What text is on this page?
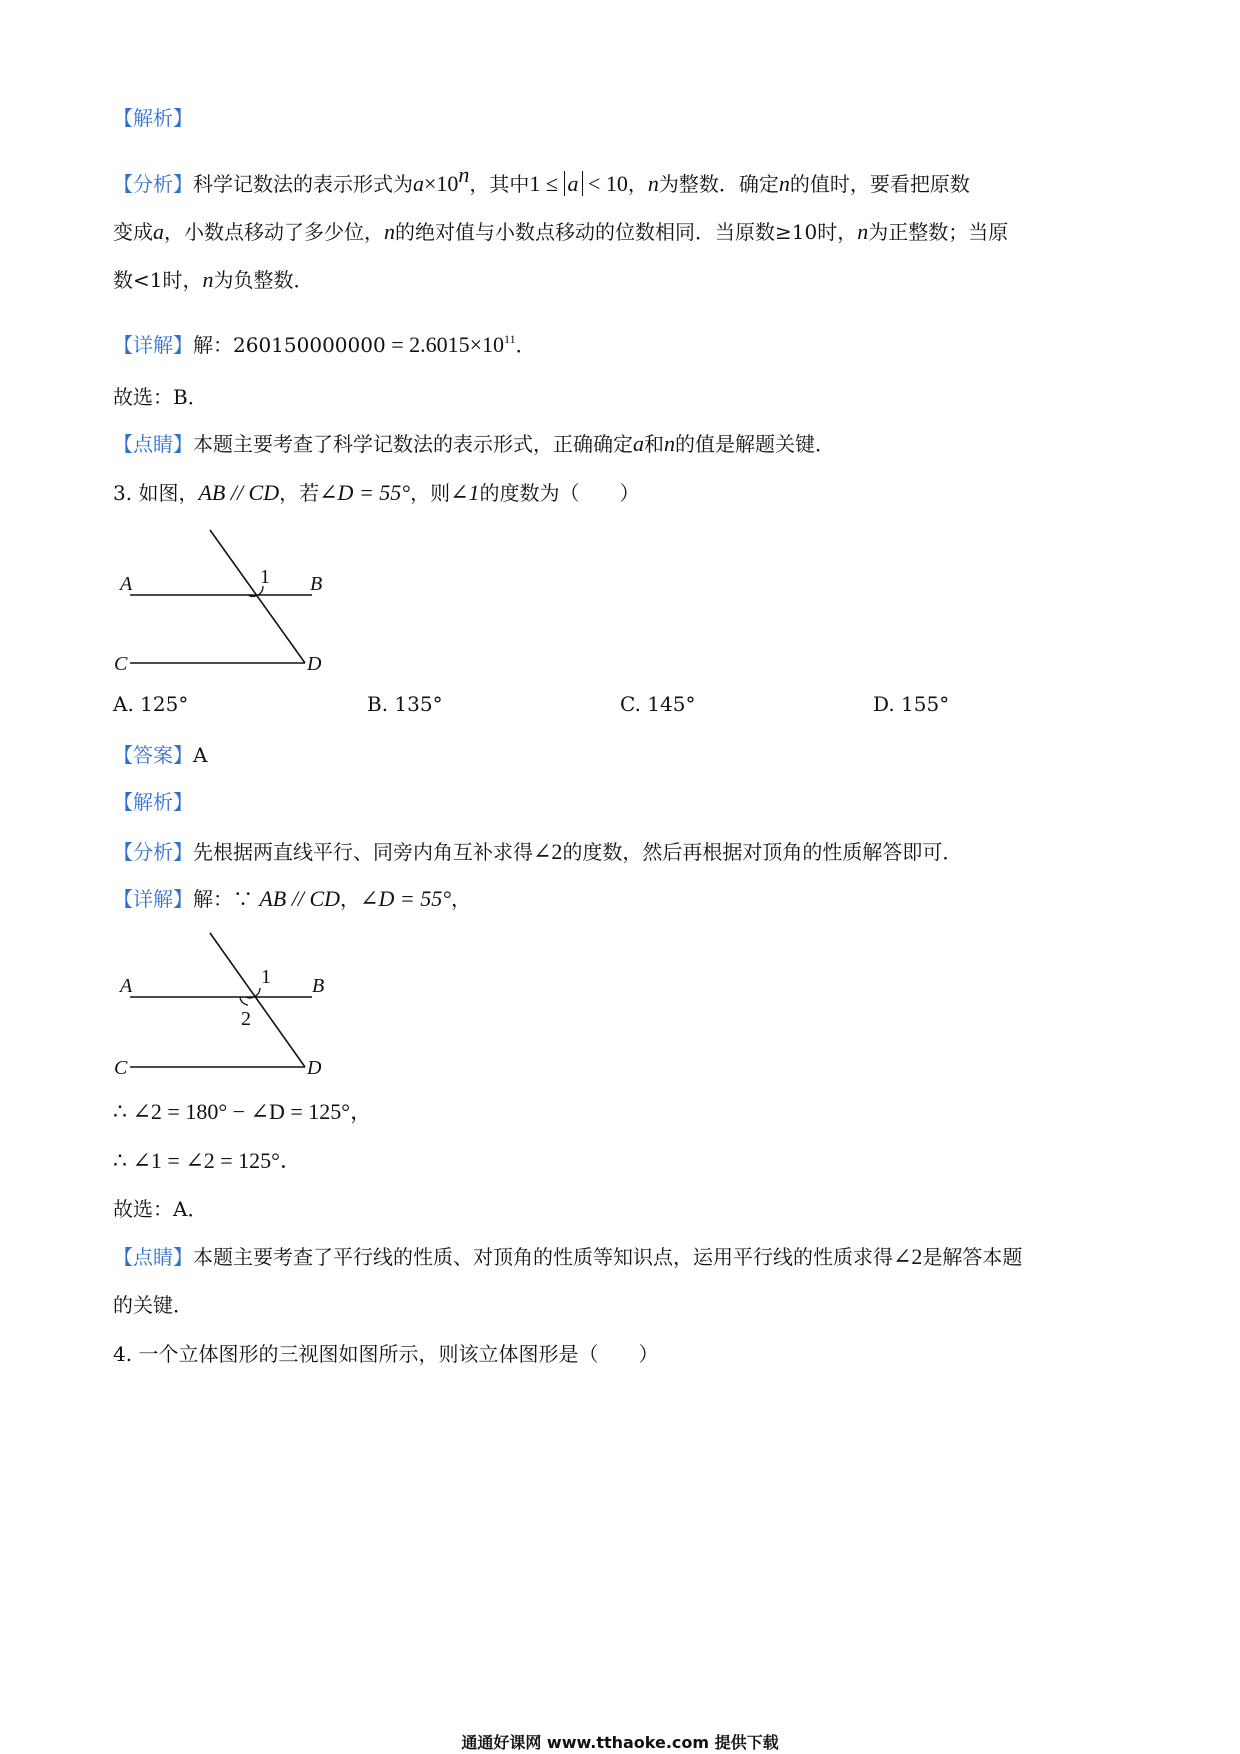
【解析】
【分析】科学记数法的表示形式为$a\times 10^n$，其中1 ≤ a < 10，n为整数．确定n的值时，要看把原数
变成a，小数点移动了多少位，n的绝对值与小数点移动的位数相同．当原数≥10时，n为正整数；当原
数<1时，n为负整数．
【详解】解：$260150000000 = 2.6015\times 10^{11}$．
故选：B．
【点睛】本题主要考查了科学记数法的表示形式，正确确定a和n的值是解题关键．
3. 如图，AB // CD，若∠D = 55°，则∠1的度数为（　　）
A	B
C	D
1
A. 125°	B. 135°	C. 145°	D. 155°
【答案】A
【解析】
【分析】先根据两直线平行、同旁内角互补求得∠2的度数，然后再根据对顶角的性质解答即可．
【详解】解：∵ AB // CD，∠D = 55°，
A	B
C	D
1
2
∴ ∠2 = 180° − ∠D = 125°，
∴ ∠1 = ∠2 = 125°．
故选：A．
【点睛】本题主要考查了平行线的性质、对顶角的性质等知识点，运用平行线的性质求得∠2是解答本题
的关键．
4. 一个立体图形的三视图如图所示，则该立体图形是（　　）
通通好课网 www.tthaoke.com 提供下载
